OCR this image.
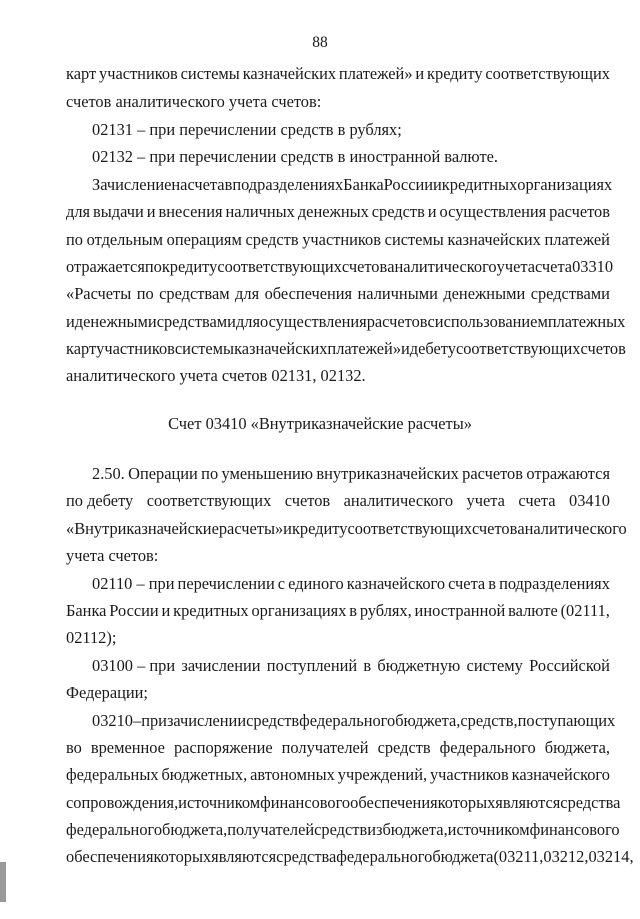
88
карт участников системы казначейских платежей» и кредиту соответствующих
счетов аналитического учета счетов:
02131 – при перечислении средств в рублях;
02132 – при перечислении средств в иностранной валюте.
Зачисление на счета в подразделениях Банка России и кредитных организациях
для выдачи и внесения наличных денежных средств и осуществления расчетов
по отдельным операциям средств участников системы казначейских платежей
отражается по кредиту соответствующих счетов аналитического учета счета 03310
«Расчеты по средствам для обеспечения наличными денежными средствами
и денежными средствами для осуществления расчетов с использованием платежных
карт участников системы казначейских платежей» и дебету соответствующих счетов
аналитического учета счетов 02131, 02132.
2.50. Операции по уменьшению внутриказначейских расчетов отражаются
по дебету соответствующих счетов аналитического учета счета 03410
«Внутриказначейские расчеты» и кредиту соответствующих счетов аналитического
учета счетов:
02110 – при перечислении с единого казначейского счета в подразделениях
Банка России и кредитных организациях в рублях, иностранной валюте (02111,
02112);
03100 – при зачислении поступлений в бюджетную систему Российской
Федерации;
03210 – при зачислении средств федерального бюджета, средств, поступающих
во временное распоряжение получателей средств федерального бюджета,
федеральных бюджетных, автономных учреждений, участников казначейского
сопровождения, источником финансового обеспечения которых являются средства
федерального бюджета, получателей средств из бюджета, источником финансового
обеспечения которых являются средства федерального бюджета (03211, 03212, 03214,
Счет 03410 «Внутриказначейские расчеты»
